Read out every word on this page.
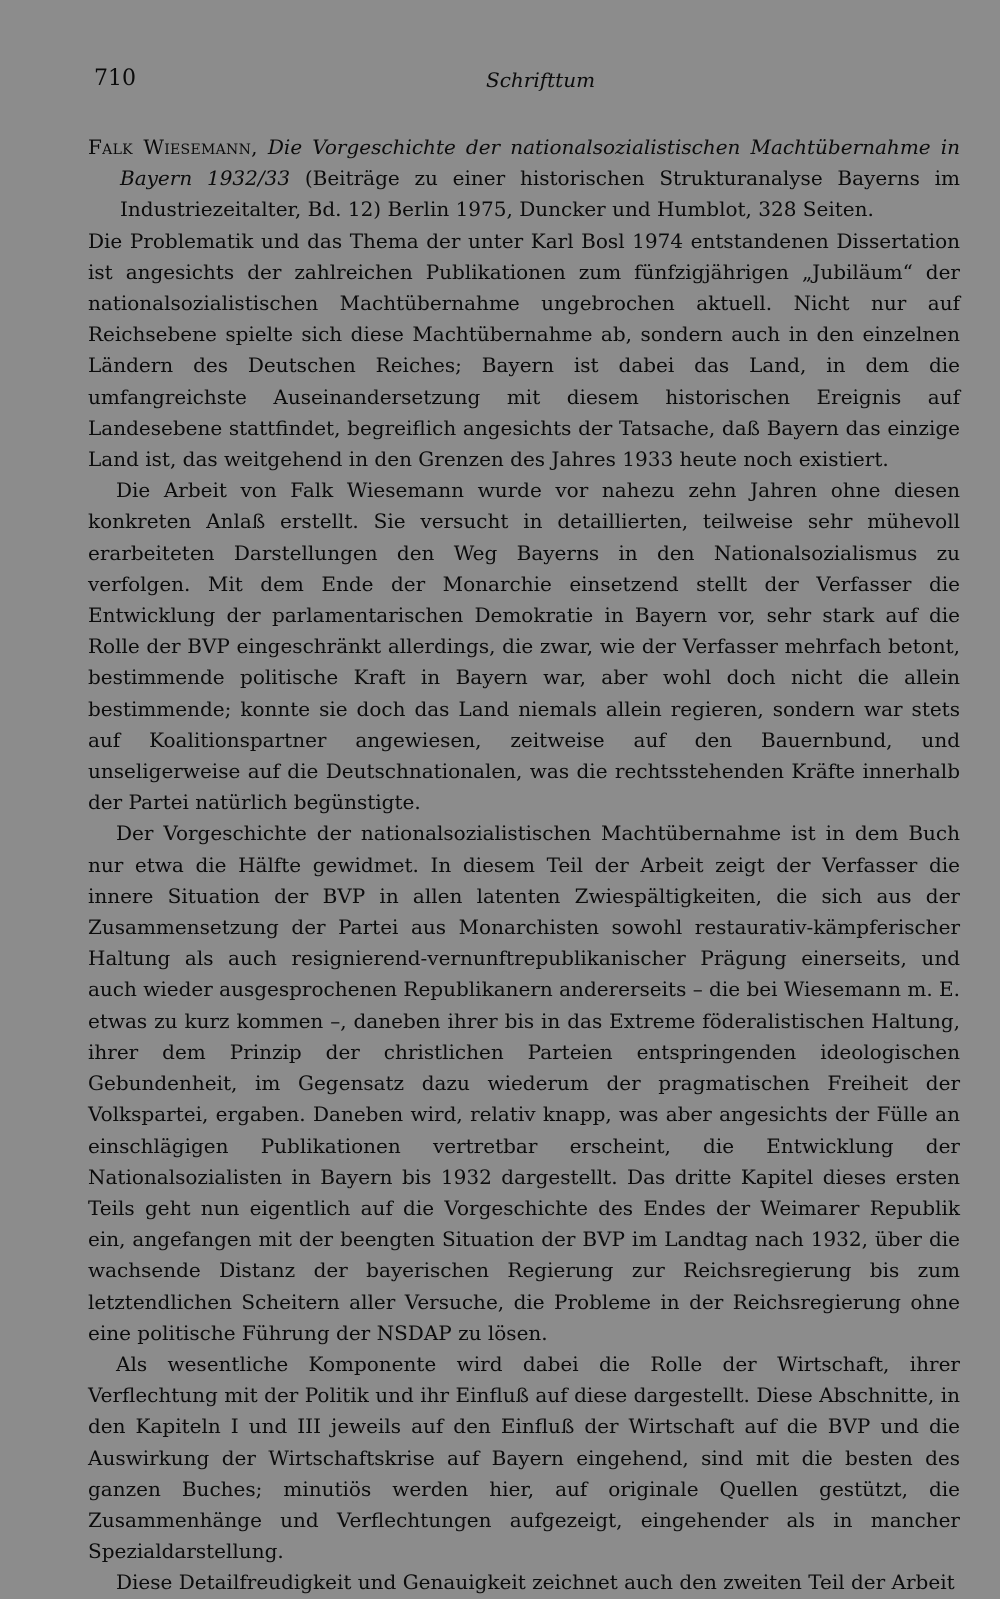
710	Schrifttum

Falk Wiesemann, Die Vorgeschichte der nationalsozialistischen Machtübernahme in Bayern 1932/33 (Beiträge zu einer historischen Strukturanalyse Bayerns im Industriezeitalter, Bd. 12) Berlin 1975, Duncker und Humblot, 328 Seiten.

Die Problematik und das Thema der unter Karl Bosl 1974 entstandenen Dissertation ist angesichts der zahlreichen Publikationen zum fünfzigjährigen „Jubiläum“ der nationalsozialistischen Machtübernahme ungebrochen aktuell. Nicht nur auf Reichsebene spielte sich diese Machtübernahme ab, sondern auch in den einzelnen Ländern des Deutschen Reiches; Bayern ist dabei das Land, in dem die umfangreichste Auseinandersetzung mit diesem historischen Ereignis auf Landesebene stattfindet, begreiflich angesichts der Tatsache, daß Bayern das einzige Land ist, das weitgehend in den Grenzen des Jahres 1933 heute noch existiert.

Die Arbeit von Falk Wiesemann wurde vor nahezu zehn Jahren ohne diesen konkreten Anlaß erstellt. Sie versucht in detaillierten, teilweise sehr mühevoll erarbeiteten Darstellungen den Weg Bayerns in den Nationalsozialismus zu verfolgen. Mit dem Ende der Monarchie einsetzend stellt der Verfasser die Entwicklung der parlamentarischen Demokratie in Bayern vor, sehr stark auf die Rolle der BVP eingeschränkt allerdings, die zwar, wie der Verfasser mehrfach betont, bestimmende politische Kraft in Bayern war, aber wohl doch nicht die allein bestimmende; konnte sie doch das Land niemals allein regieren, sondern war stets auf Koalitionspartner angewiesen, zeitweise auf den Bauernbund, und unseligerweise auf die Deutschnationalen, was die rechtsstehenden Kräfte innerhalb der Partei natürlich begünstigte.

Der Vorgeschichte der nationalsozialistischen Machtübernahme ist in dem Buch nur etwa die Hälfte gewidmet. In diesem Teil der Arbeit zeigt der Verfasser die innere Situation der BVP in allen latenten Zwiespältigkeiten, die sich aus der Zusammensetzung der Partei aus Monarchisten sowohl restaurativ-kämpferischer Haltung als auch resignierend-vernunftrepublikanischer Prägung einerseits, und auch wieder ausgesprochenen Republikanern andererseits – die bei Wiesemann m. E. etwas zu kurz kommen –, daneben ihrer bis in das Extreme föderalistischen Haltung, ihrer dem Prinzip der christlichen Parteien entspringenden ideologischen Gebundenheit, im Gegensatz dazu wiederum der pragmatischen Freiheit der Volkspartei, ergaben. Daneben wird, relativ knapp, was aber angesichts der Fülle an einschlägigen Publikationen vertretbar erscheint, die Entwicklung der Nationalsozialisten in Bayern bis 1932 dargestellt. Das dritte Kapitel dieses ersten Teils geht nun eigentlich auf die Vorgeschichte des Endes der Weimarer Republik ein, angefangen mit der beengten Situation der BVP im Landtag nach 1932, über die wachsende Distanz der bayerischen Regierung zur Reichsregierung bis zum letztendlichen Scheitern aller Versuche, die Probleme in der Reichsregierung ohne eine politische Führung der NSDAP zu lösen.

Als wesentliche Komponente wird dabei die Rolle der Wirtschaft, ihrer Verflechtung mit der Politik und ihr Einfluß auf diese dargestellt. Diese Abschnitte, in den Kapiteln I und III jeweils auf den Einfluß der Wirtschaft auf die BVP und die Auswirkung der Wirtschaftskrise auf Bayern eingehend, sind mit die besten des ganzen Buches; minutiös werden hier, auf originale Quellen gestützt, die Zusammenhänge und Verflechtungen aufgezeigt, eingehender als in mancher Spezialdarstellung.

Diese Detailfreudigkeit und Genauigkeit zeichnet auch den zweiten Teil der Arbeit
